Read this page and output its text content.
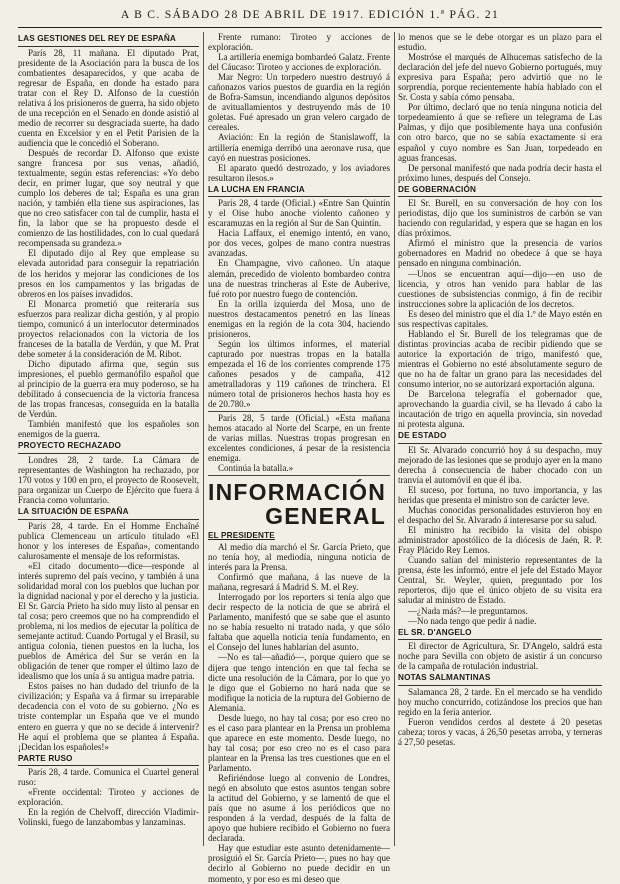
A B C. SÁBADO 28 DE ABRIL DE 1917. EDICIÓN 1.ª PÁG. 21
LAS GESTIONES DEL REY DE ESPAÑA

París 28, 11 mañana. El diputado Prat, presidente de la Asociación para la busca de los combatientes desaparecidos, y que acaba de regresar de España, en donde ha estado para tratar con el Rey D. Alfonso de la cuestión relativa á los prisioneros de guerra, ha sido objeto de una recepción en el Senado en donde asistió al medio de recorrer su desgraciada suerte, ha dado cuenta en Excelsior y en el Petit Parisien de la audiencia que le concedió el Soberano.

Después de recordar D. Alfonso que existe sangre francesa por sus venas, añadió, textualmente, según estas referencias: «Yo debo decir, en primer lugar, que soy neutral y que cumplo los deberes de tal; España es una gran nación, y también ella tiene sus aspiraciones, las que no creo satisfacer con tal de cumplir, hasta el fin, la labor que se ha propuesto desde el comienzo de las hostilidades, con lo cual quedará recompensada su grandeza.»

El diputado dijo al Rey que emplease su elevada autoridad para conseguir la repatriación de los heridos y mejorar las condiciones de los presos en los campamentos y las brigadas de obreros en los países invadidos.

El Monarca prometió que reiteraría sus esfuerzos para realizar dicha gestión, y al propio tiempo, comunicó á un interlocutor determinados proyectos relacionados con la victoria de los franceses de la batalla de Verdún, y que M. Prat debe someter á la consideración de M. Ribot.

Dicho diputado afirma que, según sus impresiones, el pueblo germanófilo español que al principio de la guerra era muy poderoso, se ha debilitado á consecuencia de la victoria francesa de las tropas francesas, conseguida en la batalla de Verdún.

También manifestó que los españoles son enemigos de la guerra.

PROYECTO RECHAZADO

Londres 28, 2 tarde. La Cámara de representantes de Washington ha rechazado, por 170 votos y 100 en pro, el proyecto de Roosevelt, para organizar un Cuerpo de Ejército que fuera á Francia como voluntario.

LA SITUACIÓN DE ESPAÑA

París 28, 4 tarde. En el Homme Enchaîné publica Clemenceau un artículo titulado «El honor y los intereses de España», comentando calurosamente el mensaje de los reformistas.

«El citado documento—dice—responde al interés supremo del país vecino, y también á una solidaridad moral con los pueblos que luchan por la dignidad nacional y por el derecho y la justicia. El Sr. García Prieto ha sido muy listo al pensar en tal cosa; pero creemos que no ha comprendido el problema, ni los medios de ejecutar la política de semejante actitud. Cuando Portugal y el Brasil, su antigua colonia, tienen puestos en la lucha, los pueblos de América del Sur se verán en la obligación de tener que romper el último lazo de idealismo que los unía á su antigua madre patria.

Estos países no han dudado del triunfo de la civilización; y España va á firmar su irreparable decadencia con el voto de su gobierno. ¿No es triste contemplar un España que ve el mundo entero en guerra y que no se decide á intervenir? He aquí el problema que se plantea á España. ¡Decidan los españoles!»

PARTE RUSO

París 28, 4 tarde. Comunica el Cuartel general ruso:

«Frente occidental: Tiroteo y acciones de exploración.

En la región de Chelvoff, dirección Vladimir-Volinski, fuego de lanzabombas y lanzaminas.

Frente rumano: Tiroteo y acciones de exploración.

La artillería enemiga bombardeó Galatz. Frente del Cáucaso: Tiroteo y acciones de exploración.

Mar Negro: Un torpedero nuestro destruyó á cañonazos varios puestos de guardia en la región de Bofra-Samsun, incendiando algunos depósitos de avituallamientos y destruyendo más de 10 goletas. Fué apresado un gran velero cargado de cereales.

Aviación: En la región de Stanislawoff, la artillería enemiga derribó una aeronave rusa, que cayó en nuestras posiciones.

El aparato quedó destrozado, y los aviadores resultaron ilesos.»

LA LUCHA EN FRANCIA

París 28, 4 tarde (Oficial.) «Entre San Quintín y el Oise hubo anoche violento cañoneo y escaramuzas en la región al Sur de San Quintín.

Hacia Laffaux, el enemigo intentó, en vano, por dos veces, golpes de mano contra nuestras avanzadas.

En Champagne, vivo cañoneo. Un ataque alemán, precedido de violento bombardeo contra una de nuestras trincheras al Este de Auberive, fué roto por nuestro fuego de contención.

En la orilla izquierda del Mosa, uno de nuestros destacamentos penetró en las líneas enemigas en la región de la cota 304, haciendo prisioneros.

Según los últimos informes, el material capturado por nuestras tropas en la batalla empezada el 16 de los corrientes comprende 175 cañones pesados y de campaña, 412 ametralladoras y 119 cañones de trinchera. El número total de prisioneros hechos hasta hoy es de 20.780.»

París 28, 5 tarde (Oficial.) «Esta mañana hemos atacado al Norte del Scarpe, en un frente de varias millas. Nuestras tropas progresan en excelentes condiciones, á pesar de la resistencia enemiga.

Continúa la batalla.»

INFORMACIÓN
GENERAL
EL PRESIDENTE

Al medio día marchó el Sr. García Prieto, que no tenía hoy, al mediodía, ninguna noticia de interés para la Prensa.

Confirmó que mañana, á las nueve de la mañana, regresará á Madrid S. M. el Rey.

Interrogado por los reporters si tenía algo que decir respecto de la noticia de que se abrirá el Parlamento, manifestó que se sabe que el asunto no se había resuelto ni tratado nada, y que sólo faltaba que aquella noticia tenía fundamento, en el Consejo del lunes hablarían del asunto.

—No es tal—añadió—, porque quiero que se dijera que tengo intención en que tal fecha se dicte una resolución de la Cámara, por lo que yo le digo que el Gobierno no hará nada que se modifique la noticia de la ruptura del Gobierno de Alemania.

Desde luego, no hay tal cosa; por eso creo no es el caso para plantear en la Prensa un problema que aparece en este momento. Desde luego, no hay tal cosa; por eso creo no es el caso para plantear en la Prensa las tres cuestiones que en el Parlamento.

Refiriéndose luego al convenio de Londres, negó en absoluto que estos asuntos tengan sobre la actitud del Gobierno, y se lamentó de que el país que no asume á los periódicos que no responden á la verdad, después de la falta de apoyo que hubiere recibido el Gobierno no fuera declarada.

Hay que estudiar este asunto detenidamente—prosiguió el Sr. García Prieto—, pues no hay que decirlo al Gobierno no puede decidir en un momento, y por eso es mi deseo que

lo menos que se le debe otorgar es un plazo para el estudio.

Mostróse el marqués de Alhucemas satisfecho de la declaración del jefe del nuevo Gobierno portugués, muy expresiva para España; pero advirtió que no le sorprendía, porque recientemente había hablado con el Sr. Costa y sabía cómo pensaba.

Por último, declaró que no tenía ninguna noticia del torpedeamiento á que se refiere un telegrama de Las Palmas, y dijo que posiblemente haya una confusión con otro barco, que no se sabía exactamente si era español y cuyo nombre es San Juan, torpedeado en aguas francesas.

De personal manifestó que nada podría decir hasta el próximo lunes, después del Consejo.

DE GOBERNACIÓN

El Sr. Burell, en su conversación de hoy con los periodistas, dijo que los suministros de carbón se van haciendo con regularidad, y espera que se hagan en los días próximos.

Afirmó el ministro que la presencia de varios gobernadores en Madrid no obedece á que se haya pensado en ninguna combinación.

—Unos se encuentran aquí—dijo—en uso de licencia, y otros han venido para hablar de las cuestiones de subsistencias conmigo, á fin de recibir instrucciones sobre la aplicación de los decretos.

Es deseo del ministro que el día 1.º de Mayo estén en sus respectivas capitales.

Hablando el Sr. Burell de los telegramas que de distintas provincias acaba de recibir pidiendo que se autorice la exportación de trigo, manifestó que, mientras el Gobierno no esté absolutamente seguro de que no ha de faltar un grano para las necesidades del consumo interior, no se autorizará exportación alguna.

De Barcelona telegrafía el gobernador que, aprovechando la guardia civil, se ha llevado á cabo la incautación de trigo en aquella provincia, sin novedad ni protesta alguna.

DE ESTADO

El Sr. Alvarado concurrió hoy á su despacho, muy mejorado de las lesiones que se produjo ayer en la mano derecha á consecuencia de haber chocado con un tranvía el automóvil en que él iba.

El suceso, por fortuna, no tuvo importancia, y las heridas que presenta el ministro son de carácter leve.

Muchas conocidas personalidades estuvieron hoy en el despacho del Sr. Alvarado á interesarse por su salud.

El ministro ha recibido la visita del obispo administrador apostólico de la diócesis de Jaén, R. P. Fray Plácido Rey Lemos.

Cuando salían del ministerio representantes de la prensa, éste les informó, entre el jefe del Estado Mayor Central, Sr. Weyler, quien, preguntado por los reporteros, dijo que el único objeto de su visita era saludar al ministro de Estado.

—¿Nada más?—le preguntamos.

—No nada tengo que pedir á nadie.

EL SR. D'ANGELO

El director de Agricultura, Sr. D'Angelo, saldrá esta noche para Sevilla con objeto de asistir á un concurso de la campaña de rotulación industrial.

NOTAS SALMANTINAS

Salamanca 28, 2 tarde. En el mercado se ha vendido hoy mucho concurrido, cotizándose los precios que han regido en la feria anterior.

Fueron vendidos cerdos al destete á 20 pesetas cabeza; toros y vacas, á 26,50 pesetas arroba, y terneras á 27,50 pesetas.
